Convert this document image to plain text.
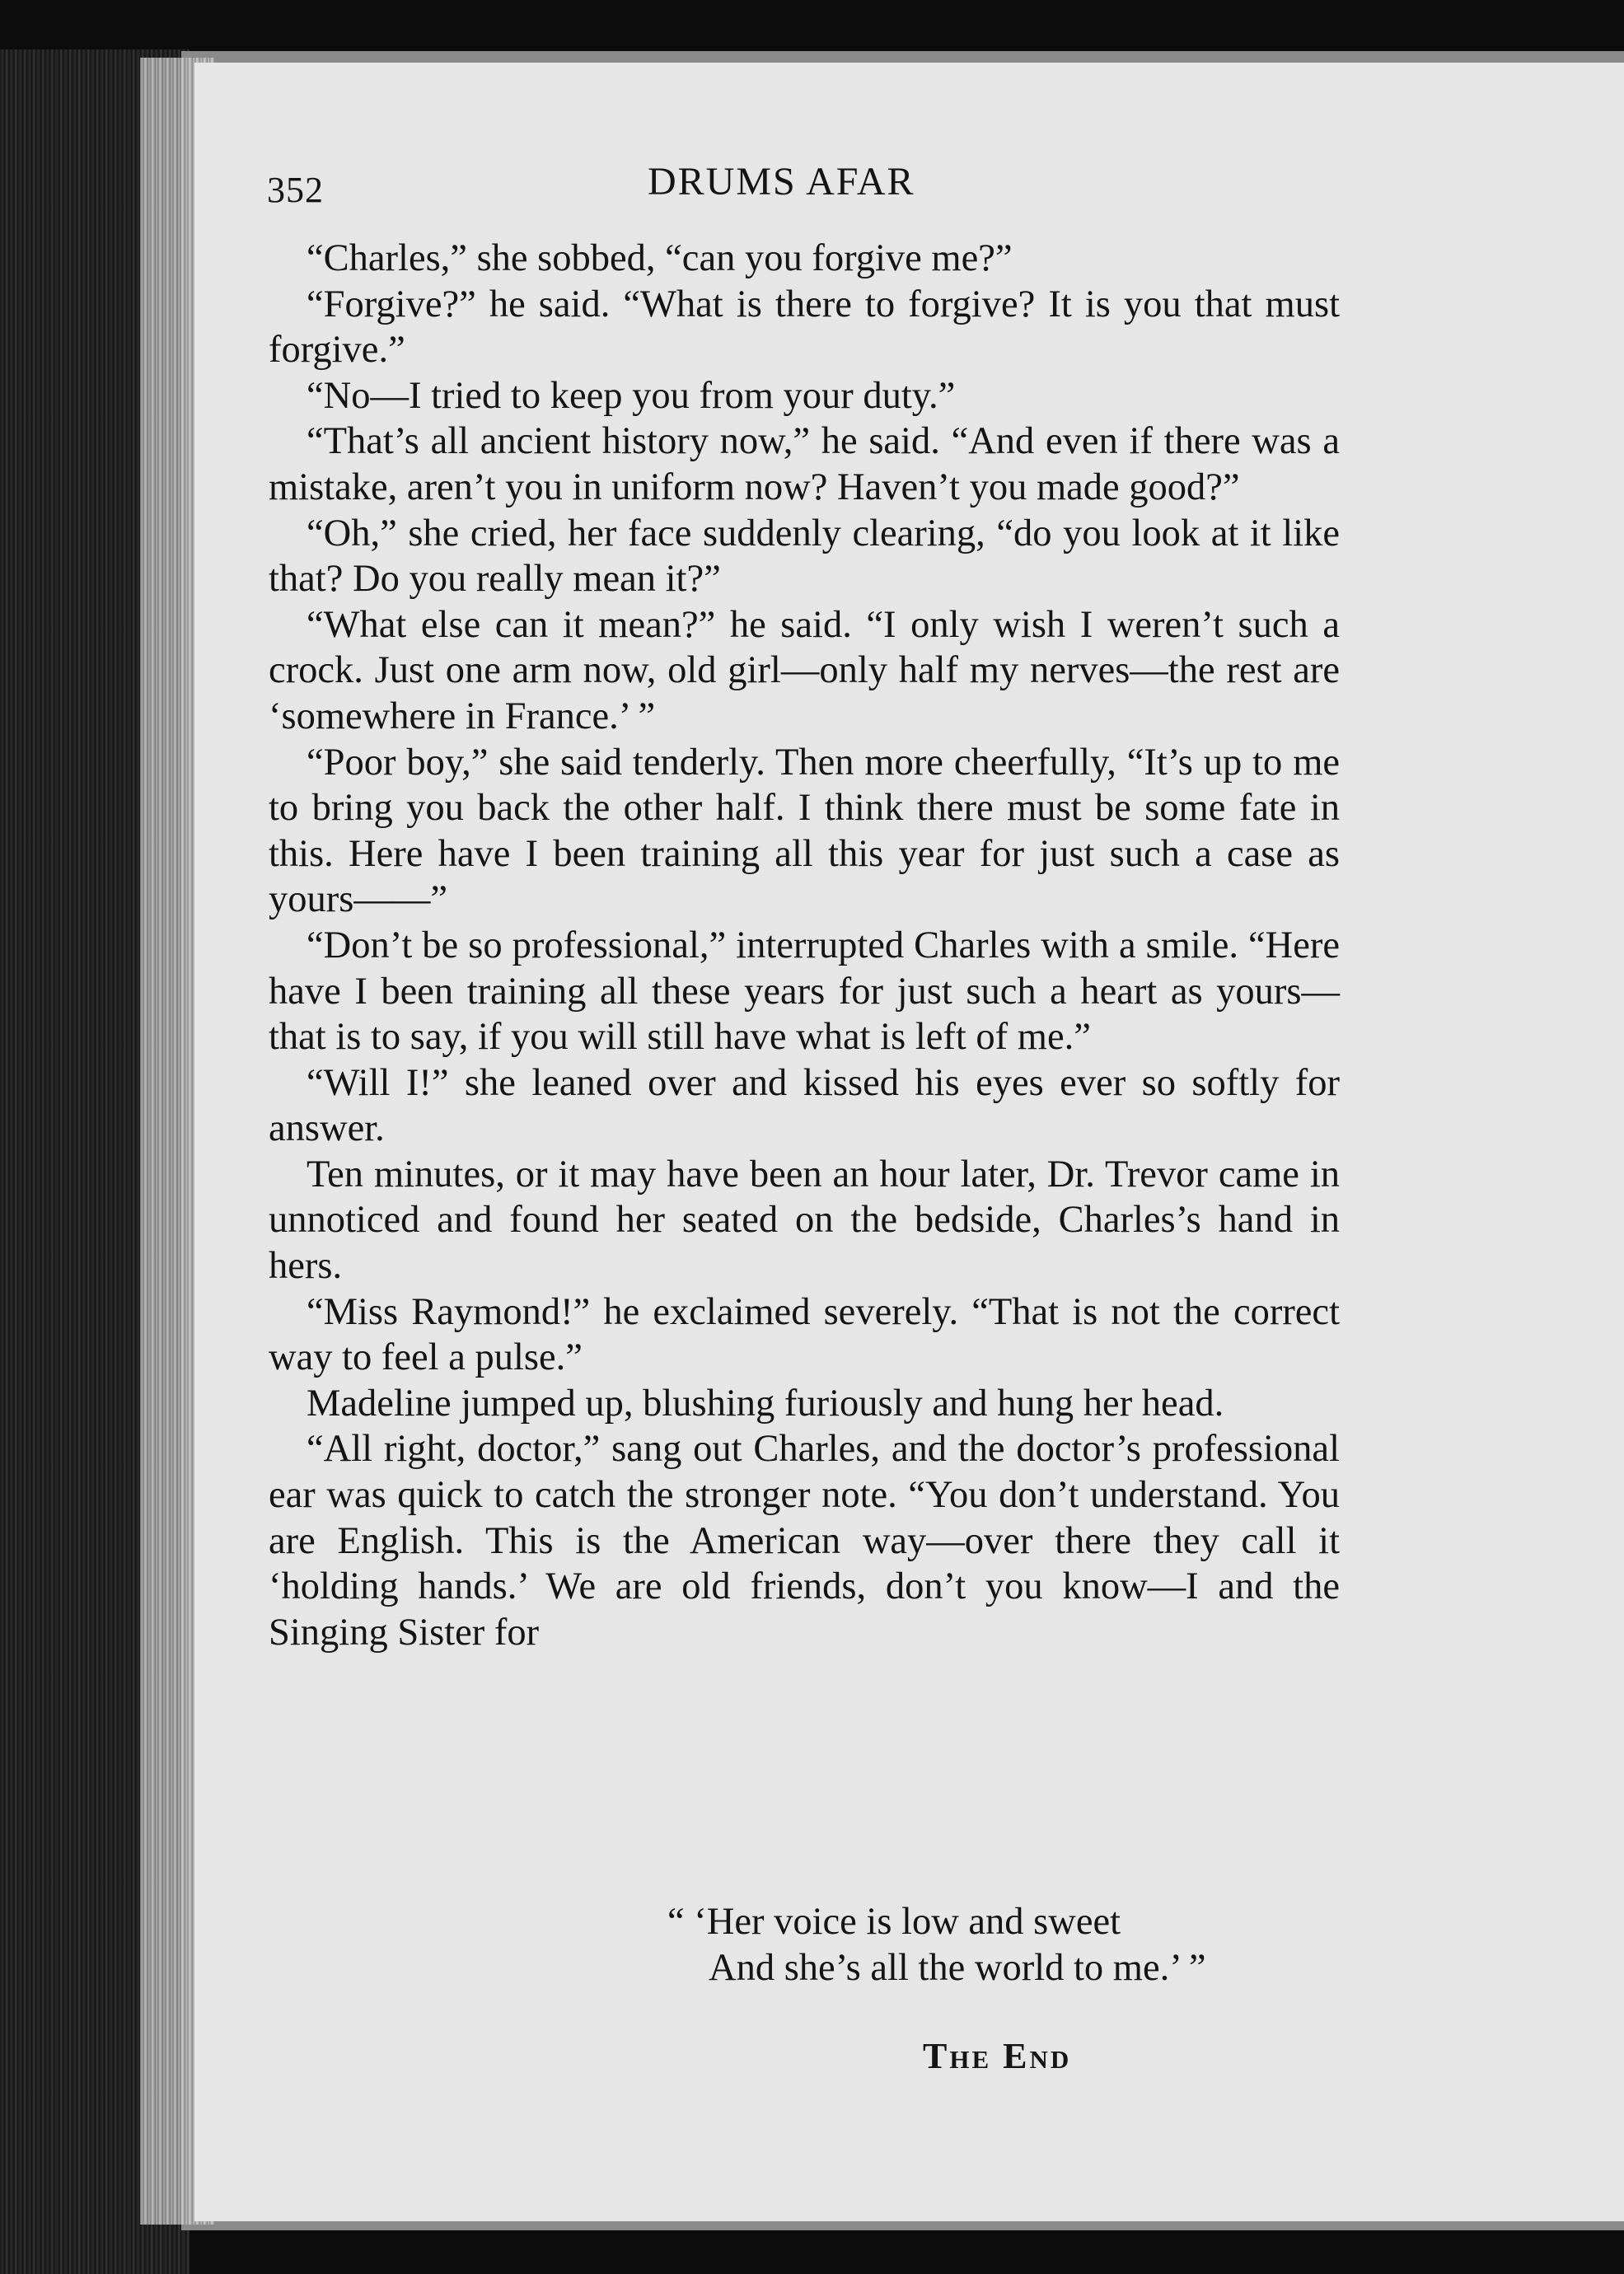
352	DRUMS AFAR

“Charles,” she sobbed, “can you forgive me?”

“Forgive?” he said. “What is there to forgive? It is you that must forgive.”

“No—I tried to keep you from your duty.”

“That’s all ancient history now,” he said. “And even if there was a mistake, aren’t you in uniform now? Haven’t you made good?”

“Oh,” she cried, her face suddenly clearing, “do you look at it like that? Do you really mean it?”

“What else can it mean?” he said. “I only wish I weren’t such a crock. Just one arm now, old girl—only half my nerves—the rest are ‘somewhere in France.’ ”

“Poor boy,” she said tenderly. Then more cheerfully, “It’s up to me to bring you back the other half. I think there must be some fate in this. Here have I been training all this year for just such a case as yours——”

“Don’t be so professional,” interrupted Charles with a smile. “Here have I been training all these years for just such a heart as yours—that is to say, if you will still have what is left of me.”

“Will I!” she leaned over and kissed his eyes ever so softly for answer.

Ten minutes, or it may have been an hour later, Dr. Trevor came in unnoticed and found her seated on the bedside, Charles’s hand in hers.

“Miss Raymond!” he exclaimed severely. “That is not the correct way to feel a pulse.”

Madeline jumped up, blushing furiously and hung her head.

“All right, doctor,” sang out Charles, and the doctor’s professional ear was quick to catch the stronger note. “You don’t understand. You are English. This is the American way—over there they call it ‘holding hands.’ We are old friends, don’t you know—I and the Singing Sister for

“ ‘Her voice is low and sweet
And she’s all the world to me.’ ”
The End
